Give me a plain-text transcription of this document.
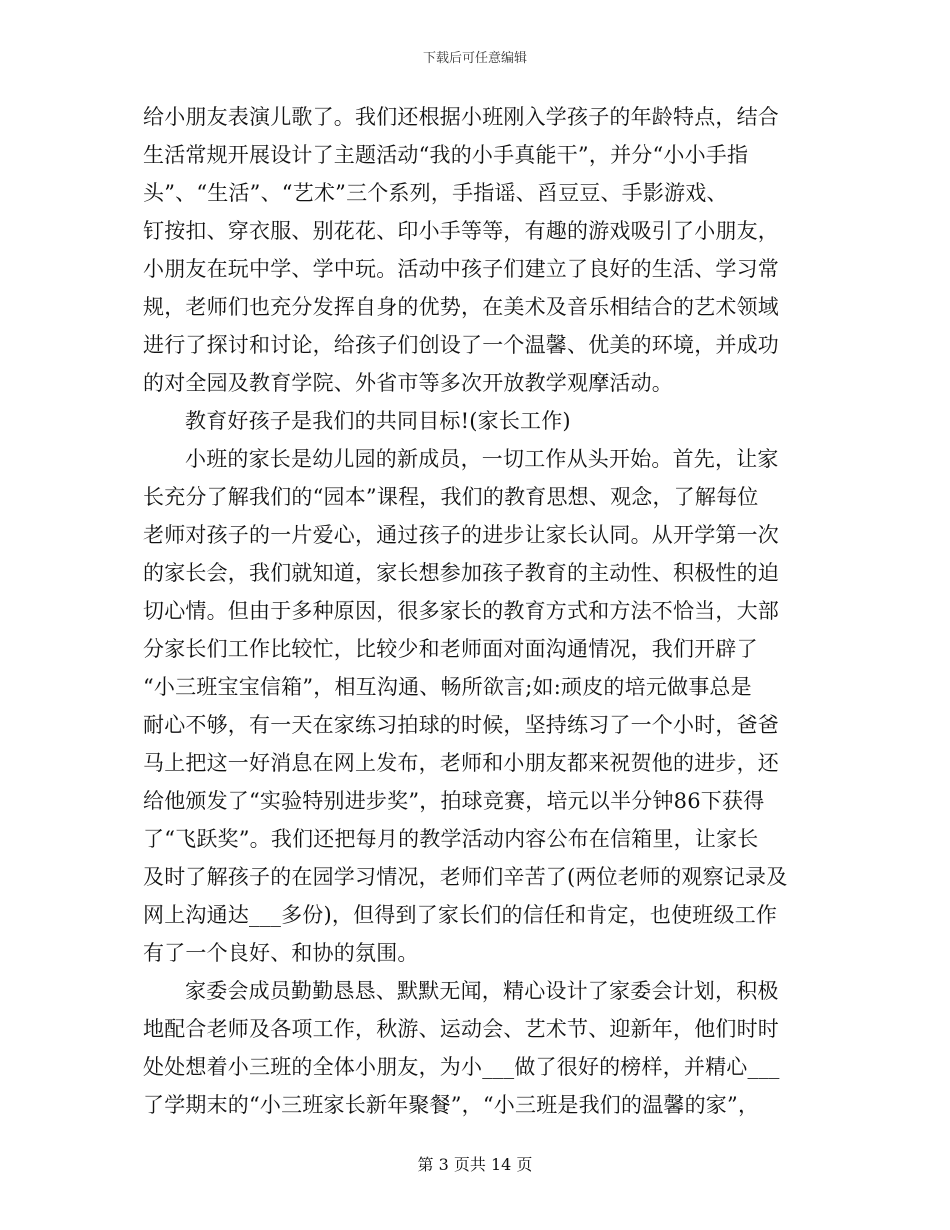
下载后可任意编辑
给小朋友表演儿歌了。我们还根据小班刚入学孩子的年龄特点，结合
生活常规开展设计了主题活动“我的小手真能干”，并分“小小手指
头”、“生活”、“艺术”三个系列，手指谣、舀豆豆、手影游戏、
钉按扣、穿衣服、别花花、印小手等等，有趣的游戏吸引了小朋友，
小朋友在玩中学、学中玩。活动中孩子们建立了良好的生活、学习常
规，老师们也充分发挥自身的优势，在美术及音乐相结合的艺术领域
进行了探讨和讨论，给孩子们创设了一个温馨、优美的环境，并成功
的对全园及教育学院、外省市等多次开放教学观摩活动。
教育好孩子是我们的共同目标!(家长工作)
小班的家长是幼儿园的新成员，一切工作从头开始。首先，让家
长充分了解我们的“园本”课程，我们的教育思想、观念，了解每位
老师对孩子的一片爱心，通过孩子的进步让家长认同。从开学第一次
的家长会，我们就知道，家长想参加孩子教育的主动性、积极性的迫
切心情。但由于多种原因，很多家长的教育方式和方法不恰当，大部
分家长们工作比较忙，比较少和老师面对面沟通情况，我们开辟了
“小三班宝宝信箱”，相互沟通、畅所欲言;如:顽皮的培元做事总是
耐心不够，有一天在家练习拍球的时候，坚持练习了一个小时，爸爸
马上把这一好消息在网上发布，老师和小朋友都来祝贺他的进步，还
给他颁发了“实验特别进步奖”，拍球竞赛，培元以半分钟86下获得
了“飞跃奖”。我们还把每月的教学活动内容公布在信箱里，让家长
及时了解孩子的在园学习情况，老师们辛苦了(两位老师的观察记录及
网上沟通达___多份)，但得到了家长们的信任和肯定，也使班级工作
有了一个良好、和协的氛围。
家委会成员勤勤恳恳、默默无闻，精心设计了家委会计划，积极
地配合老师及各项工作，秋游、运动会、艺术节、迎新年，他们时时
处处想着小三班的全体小朋友，为小___做了很好的榜样，并精心___
了学期末的“小三班家长新年聚餐”，“小三班是我们的温馨的家”，
第 3 页共 14 页
